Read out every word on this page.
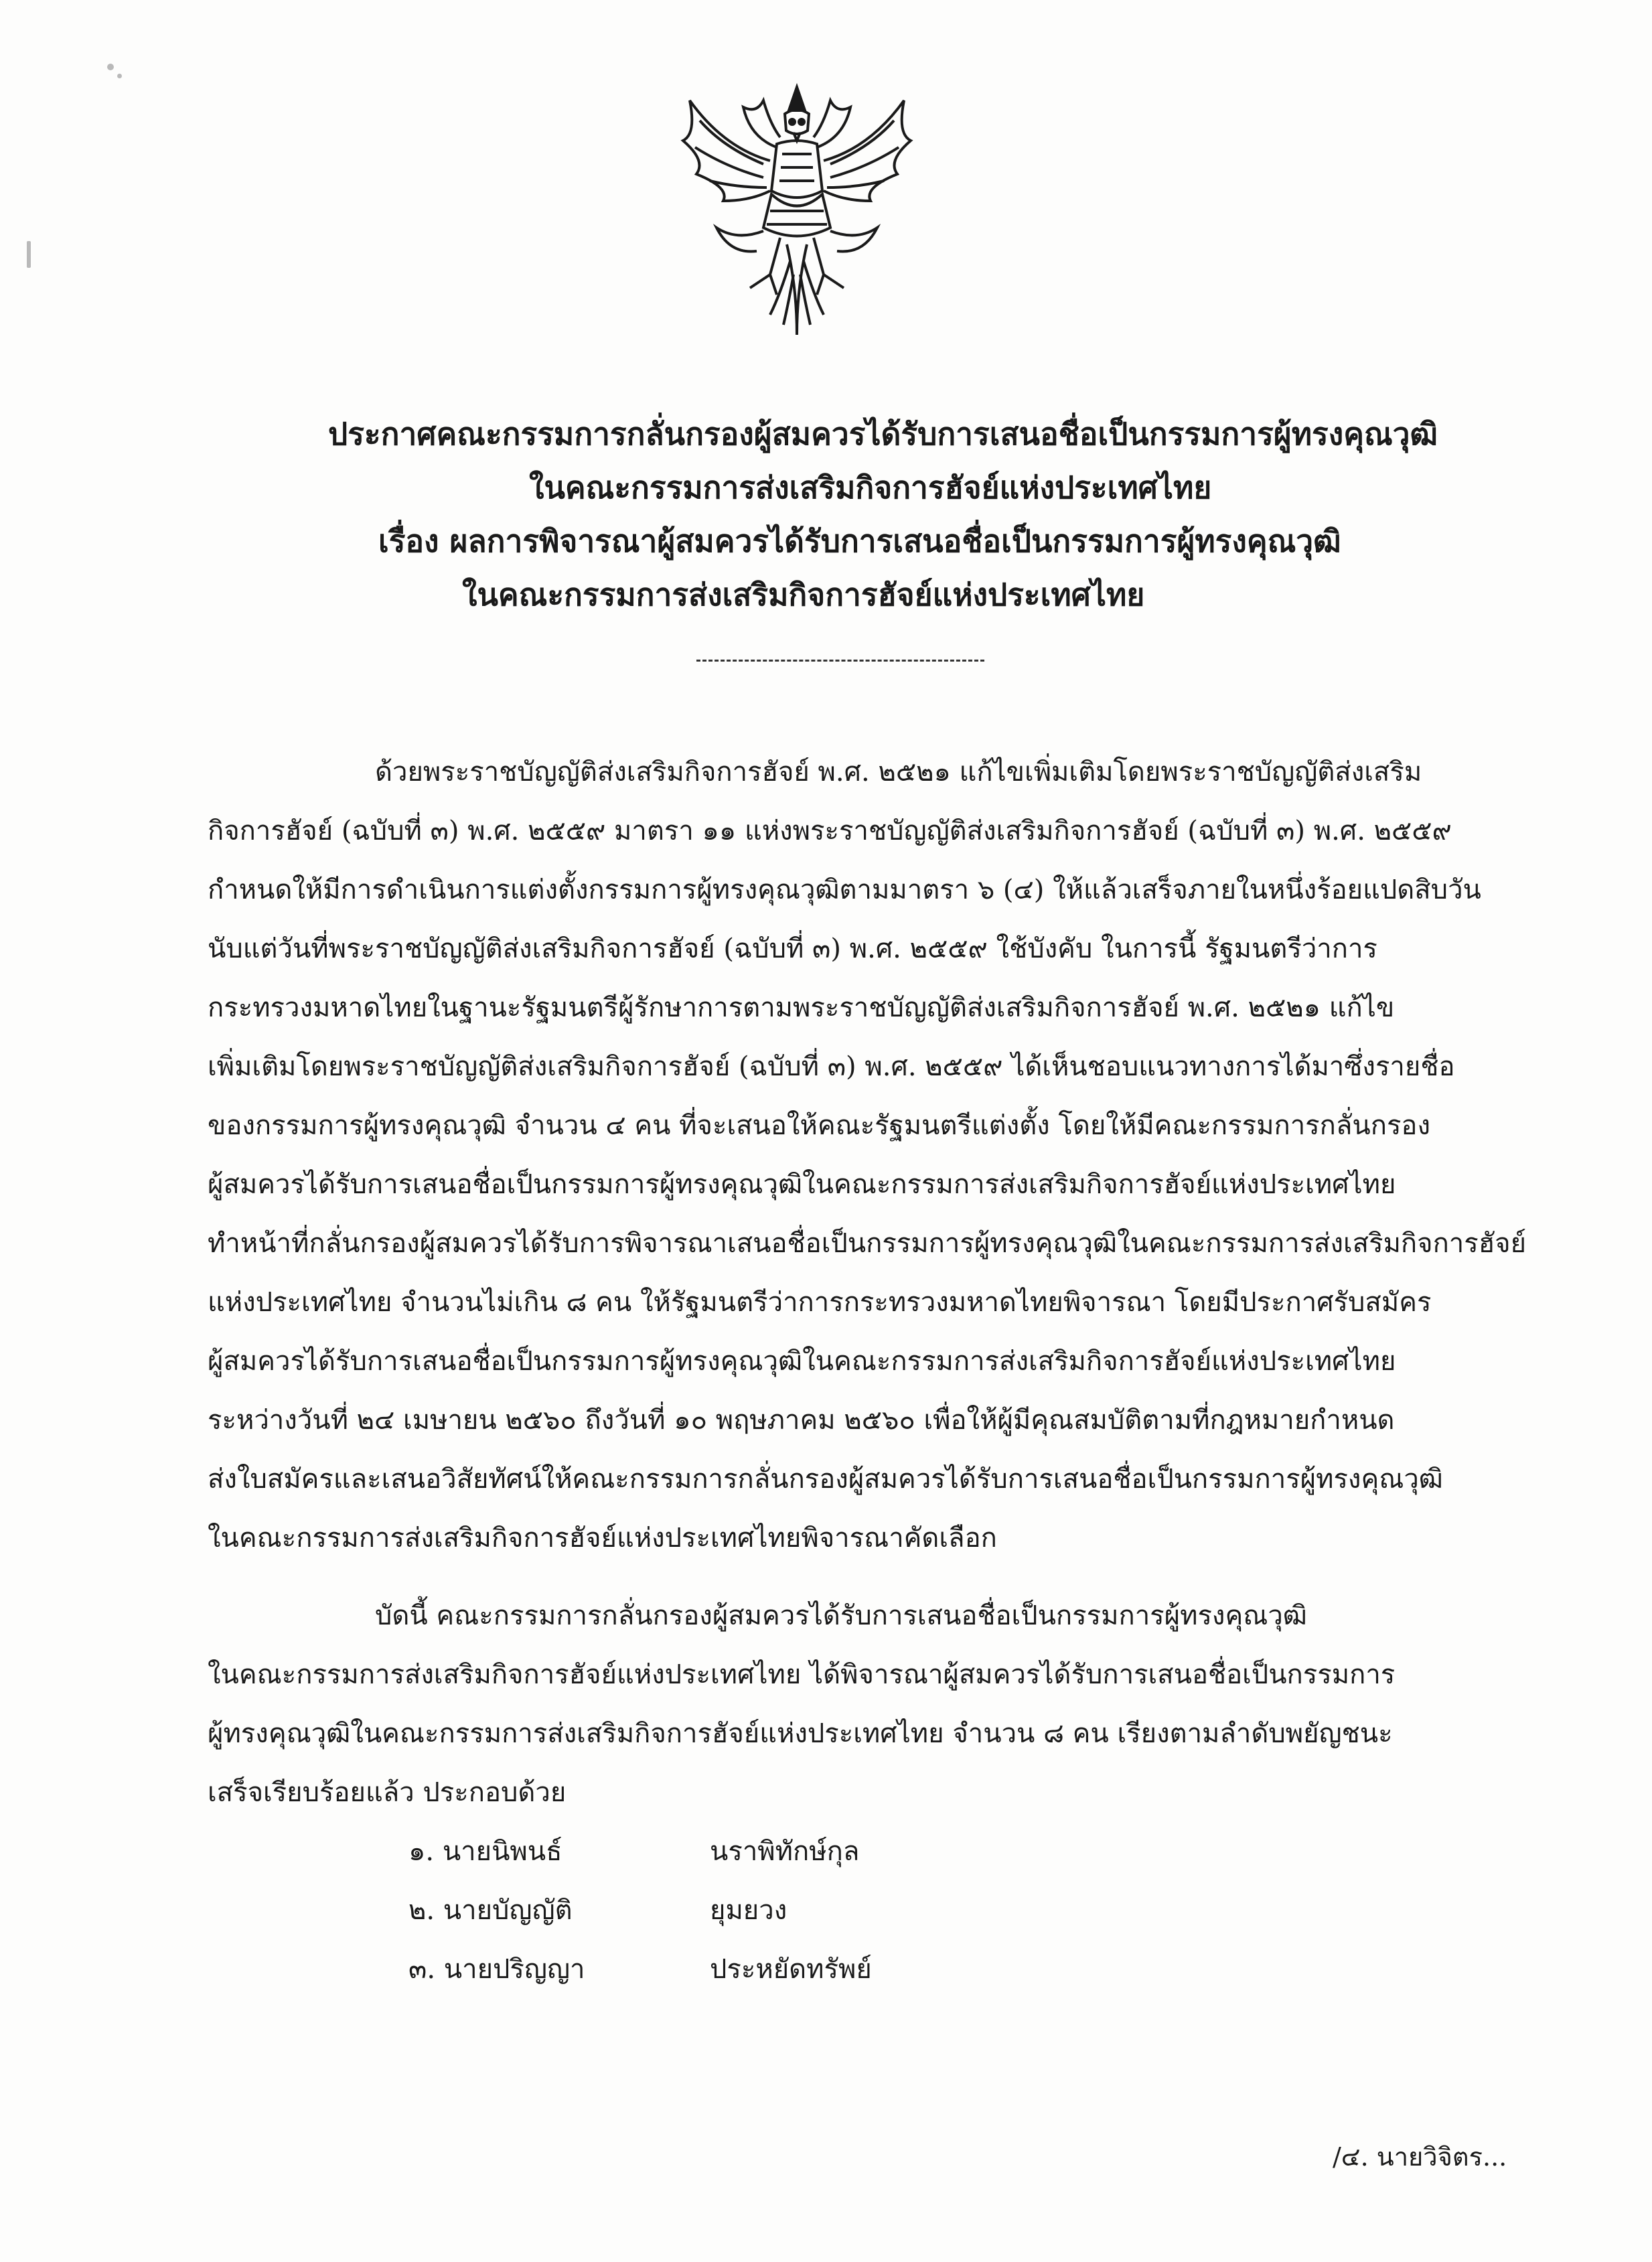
ประกาศคณะกรรมการกลั่นกรองผู้สมควรได้รับการเสนอชื่อเป็นกรรมการผู้ทรงคุณวุฒิ
ในคณะกรรมการส่งเสริมกิจการฮัจย์แห่งประเทศไทย
เรื่อง ผลการพิจารณาผู้สมควรได้รับการเสนอชื่อเป็นกรรมการผู้ทรงคุณวุฒิ
ในคณะกรรมการส่งเสริมกิจการฮัจย์แห่งประเทศไทย
ด้วยพระราชบัญญัติส่งเสริมกิจการฮัจย์ พ.ศ. ๒๕๒๑ แก้ไขเพิ่มเติมโดยพระราชบัญญัติส่งเสริม
กิจการฮัจย์ (ฉบับที่ ๓) พ.ศ. ๒๕๕๙ มาตรา ๑๑ แห่งพระราชบัญญัติส่งเสริมกิจการฮัจย์ (ฉบับที่ ๓) พ.ศ. ๒๕๕๙
กำหนดให้มีการดำเนินการแต่งตั้งกรรมการผู้ทรงคุณวุฒิตามมาตรา ๖ (๔) ให้แล้วเสร็จภายในหนึ่งร้อยแปดสิบวัน
นับแต่วันที่พระราชบัญญัติส่งเสริมกิจการฮัจย์ (ฉบับที่ ๓) พ.ศ. ๒๕๕๙ ใช้บังคับ ในการนี้ รัฐมนตรีว่าการ
กระทรวงมหาดไทยในฐานะรัฐมนตรีผู้รักษาการตามพระราชบัญญัติส่งเสริมกิจการฮัจย์ พ.ศ. ๒๕๒๑ แก้ไข
เพิ่มเติมโดยพระราชบัญญัติส่งเสริมกิจการฮัจย์ (ฉบับที่ ๓) พ.ศ. ๒๕๕๙ ได้เห็นชอบแนวทางการได้มาซึ่งรายชื่อ
ของกรรมการผู้ทรงคุณวุฒิ จำนวน ๔ คน ที่จะเสนอให้คณะรัฐมนตรีแต่งตั้ง โดยให้มีคณะกรรมการกลั่นกรอง
ผู้สมควรได้รับการเสนอชื่อเป็นกรรมการผู้ทรงคุณวุฒิในคณะกรรมการส่งเสริมกิจการฮัจย์แห่งประเทศไทย
ทำหน้าที่กลั่นกรองผู้สมควรได้รับการพิจารณาเสนอชื่อเป็นกรรมการผู้ทรงคุณวุฒิในคณะกรรมการส่งเสริมกิจการฮัจย์
แห่งประเทศไทย จำนวนไม่เกิน ๘ คน ให้รัฐมนตรีว่าการกระทรวงมหาดไทยพิจารณา โดยมีประกาศรับสมัคร
ผู้สมควรได้รับการเสนอชื่อเป็นกรรมการผู้ทรงคุณวุฒิในคณะกรรมการส่งเสริมกิจการฮัจย์แห่งประเทศไทย
ระหว่างวันที่ ๒๔ เมษายน ๒๕๖๐ ถึงวันที่ ๑๐ พฤษภาคม ๒๕๖๐ เพื่อให้ผู้มีคุณสมบัติตามที่กฎหมายกำหนด
ส่งใบสมัครและเสนอวิสัยทัศน์ให้คณะกรรมการกลั่นกรองผู้สมควรได้รับการเสนอชื่อเป็นกรรมการผู้ทรงคุณวุฒิ
ในคณะกรรมการส่งเสริมกิจการฮัจย์แห่งประเทศไทยพิจารณาคัดเลือก
บัดนี้ คณะกรรมการกลั่นกรองผู้สมควรได้รับการเสนอชื่อเป็นกรรมการผู้ทรงคุณวุฒิ
ในคณะกรรมการส่งเสริมกิจการฮัจย์แห่งประเทศไทย ได้พิจารณาผู้สมควรได้รับการเสนอชื่อเป็นกรรมการ
ผู้ทรงคุณวุฒิในคณะกรรมการส่งเสริมกิจการฮัจย์แห่งประเทศไทย จำนวน ๘ คน เรียงตามลำดับพยัญชนะ
เสร็จเรียบร้อยแล้ว ประกอบด้วย
๑. นายนิพนธ์	นราพิทักษ์กุล
๒. นายบัญญัติ	ยุมยวง
๓. นายปริญญา	ประหยัดทรัพย์
/๔. นายวิจิตร...
